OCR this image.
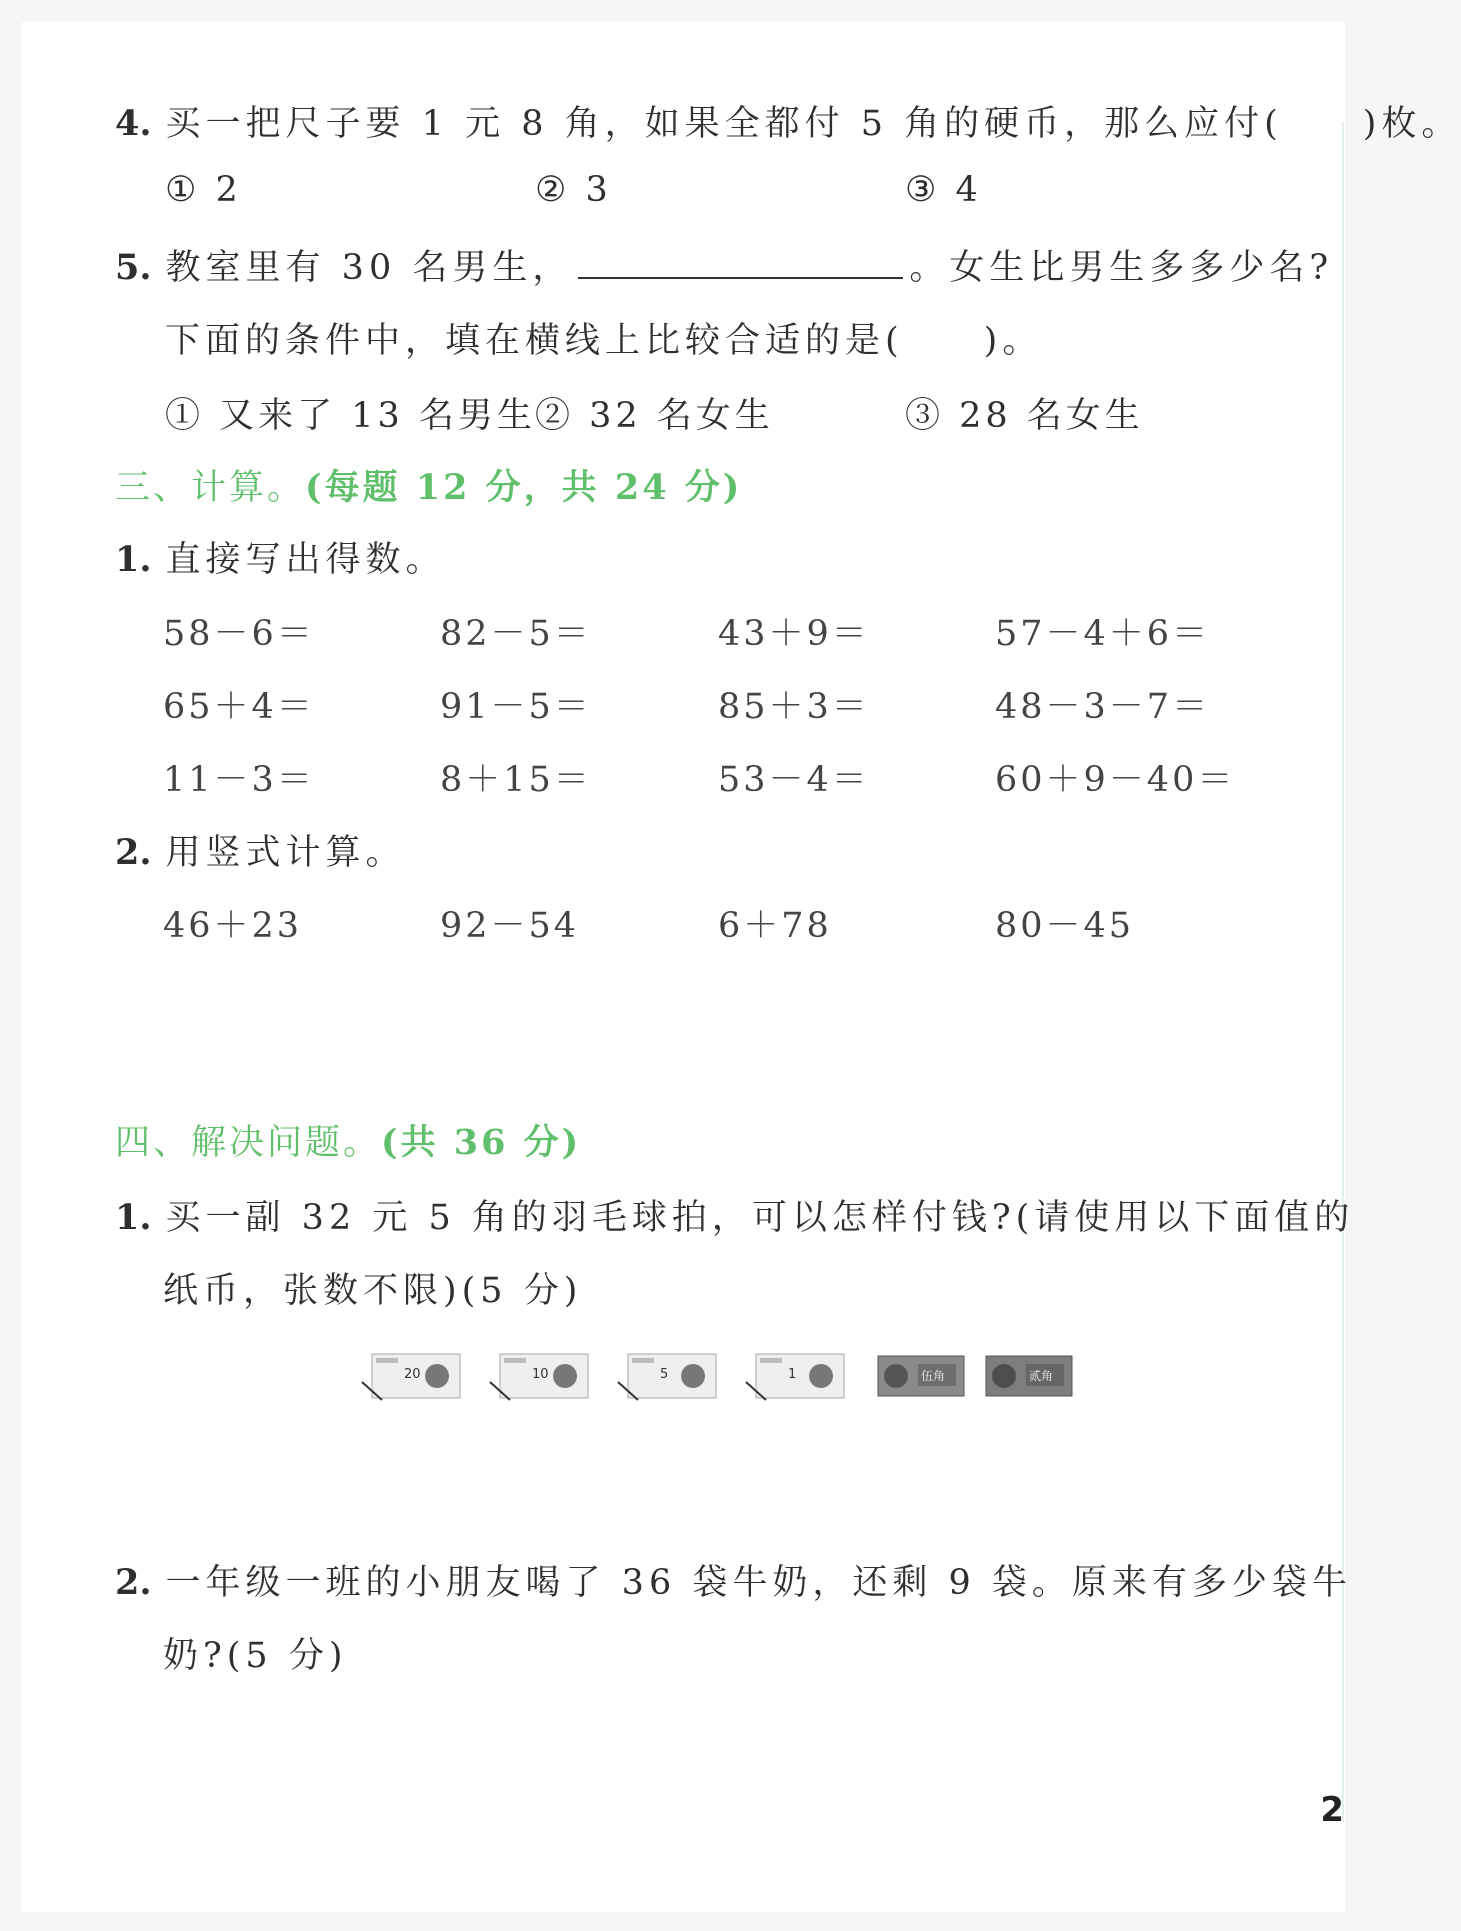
4. 买一把尺子要 1 元 8 角，如果全都付 5 角的硬币，那么应付( )枚。
① 2	② 3	③ 4
5. 教室里有 30 名男生，	。女生比男生多多少名?
下面的条件中，填在横线上比较合适的是( )。
① 又来了 13 名男生 ② 32 名女生	③ 28 名女生
三、计算。(每题 12 分，共 24 分)
1. 直接写出得数。
58－6＝	82－5＝	43＋9＝	57－4＋6＝
65＋4＝	91－5＝	85＋3＝	48－3－7＝
11－3＝	8＋15＝	53－4＝	60＋9－40＝
2. 用竖式计算。
46＋23	92－54	6＋78	80－45
四、解决问题。(共 36 分)
1. 买一副 32 元 5 角的羽毛球拍，可以怎样付钱?(请使用以下面值的
纸币，张数不限)(5 分)
20	10	5	1	伍角	贰角
2. 一年级一班的小朋友喝了 36 袋牛奶，还剩 9 袋。原来有多少袋牛
奶?(5 分)
2
